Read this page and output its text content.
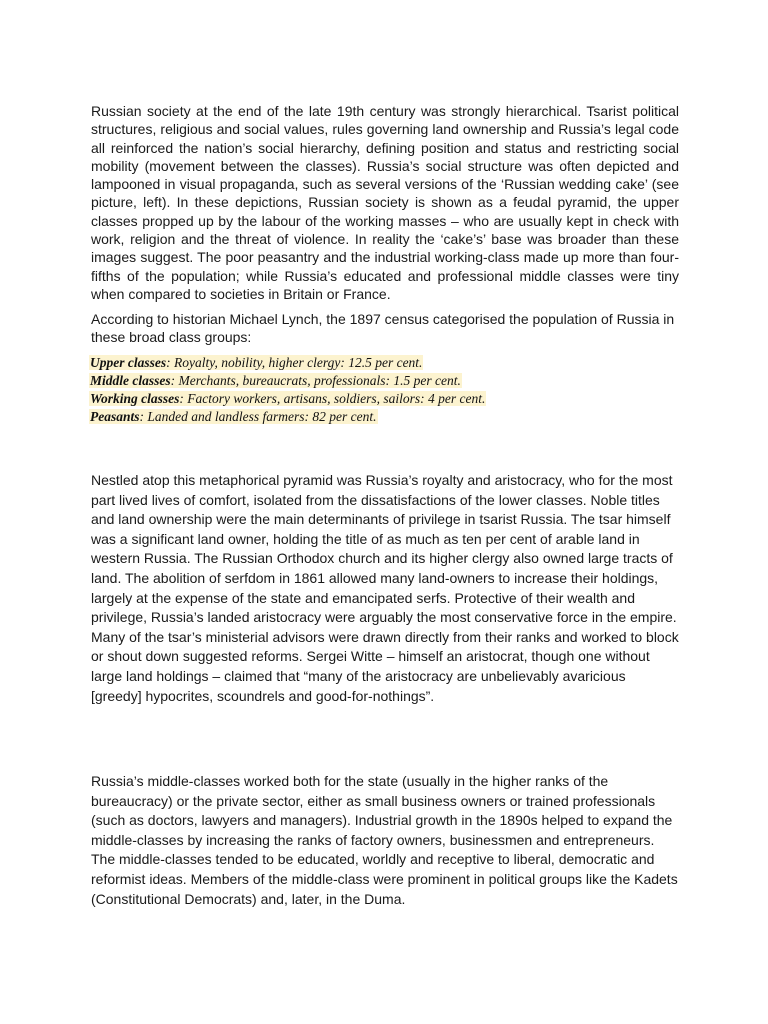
Russian society at the end of the late 19th century was strongly hierarchical. Tsarist political structures, religious and social values, rules governing land ownership and Russia’s legal code all reinforced the nation’s social hierarchy, defining position and status and restricting social mobility (movement between the classes). Russia’s social structure was often depicted and lampooned in visual propaganda, such as several versions of the ‘Russian wedding cake’ (see picture, left). In these depictions, Russian society is shown as a feudal pyramid, the upper classes propped up by the labour of the working masses – who are usually kept in check with work, religion and the threat of violence. In reality the ‘cake’s’ base was broader than these images suggest. The poor peasantry and the industrial working-class made up more than four-fifths of the population; while Russia’s educated and professional middle classes were tiny when compared to societies in Britain or France.

According to historian Michael Lynch, the 1897 census categorised the population of Russia in these broad class groups:

Upper classes: Royalty, nobility, higher clergy: 12.5 per cent.
Middle classes: Merchants, bureaucrats, professionals: 1.5 per cent.
Working classes: Factory workers, artisans, soldiers, sailors: 4 per cent.
Peasants: Landed and landless farmers: 82 per cent.

Nestled atop this metaphorical pyramid was Russia’s royalty and aristocracy, who for the most part lived lives of comfort, isolated from the dissatisfactions of the lower classes. Noble titles and land ownership were the main determinants of privilege in tsarist Russia. The tsar himself was a significant land owner, holding the title of as much as ten per cent of arable land in western Russia. The Russian Orthodox church and its higher clergy also owned large tracts of land. The abolition of serfdom in 1861 allowed many land-owners to increase their holdings, largely at the expense of the state and emancipated serfs. Protective of their wealth and privilege, Russia’s landed aristocracy were arguably the most conservative force in the empire. Many of the tsar’s ministerial advisors were drawn directly from their ranks and worked to block or shout down suggested reforms. Sergei Witte – himself an aristocrat, though one without large land holdings – claimed that “many of the aristocracy are unbelievably avaricious [greedy] hypocrites, scoundrels and good-for-nothings”.

Russia’s middle-classes worked both for the state (usually in the higher ranks of the bureaucracy) or the private sector, either as small business owners or trained professionals (such as doctors, lawyers and managers). Industrial growth in the 1890s helped to expand the middle-classes by increasing the ranks of factory owners, businessmen and entrepreneurs. The middle-classes tended to be educated, worldly and receptive to liberal, democratic and reformist ideas. Members of the middle-class were prominent in political groups like the Kadets (Constitutional Democrats) and, later, in the Duma.
